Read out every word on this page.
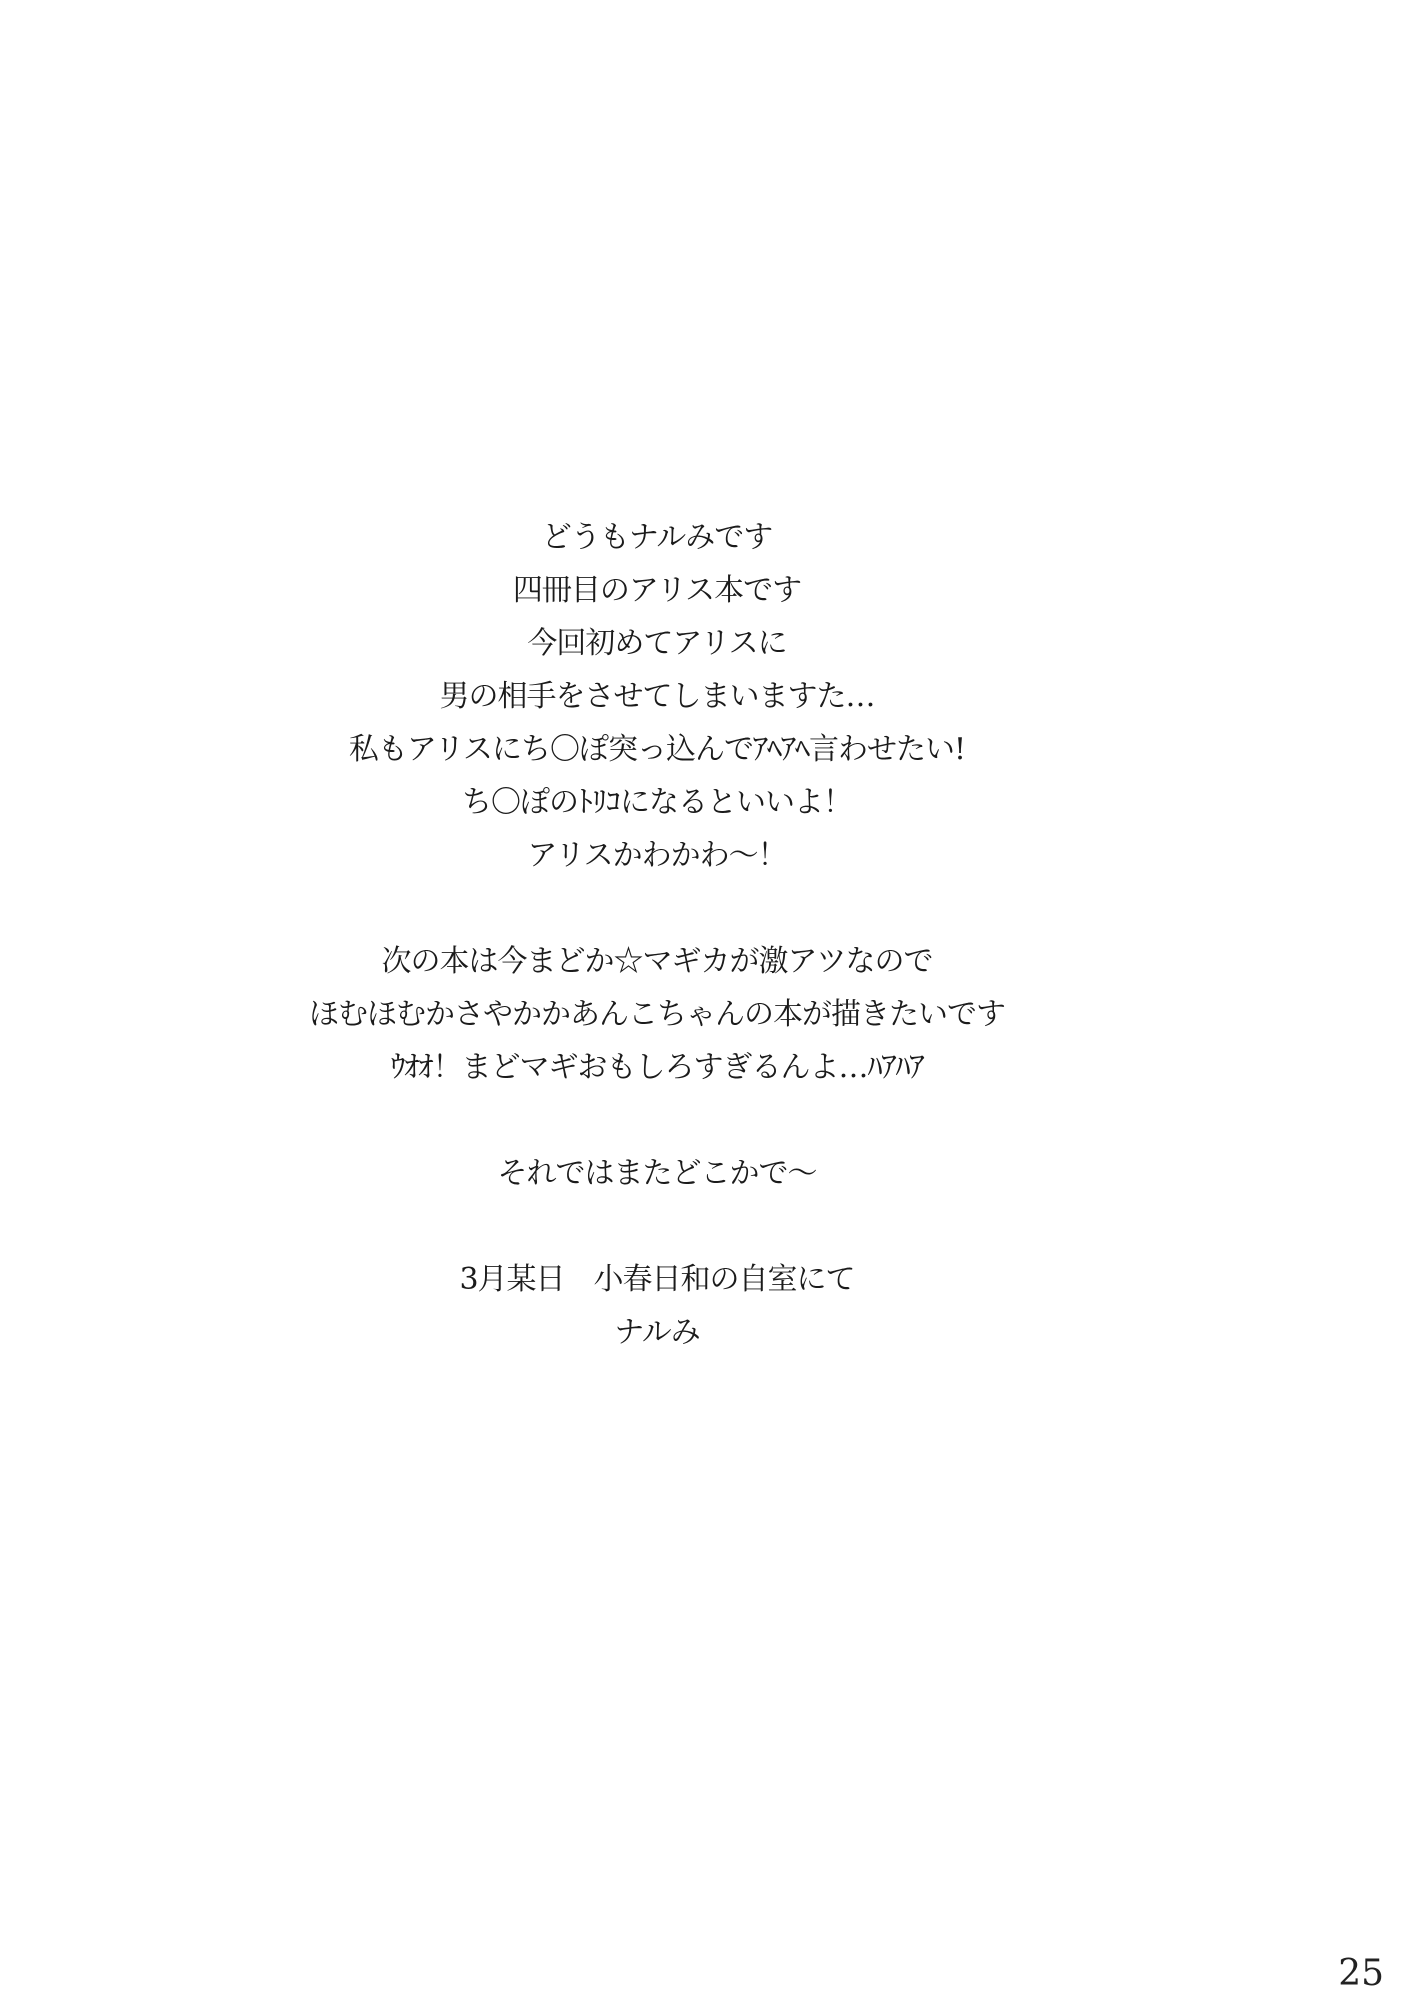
どうもナルみです
四冊目のアリス本です
今回初めてアリスに
男の相手をさせてしまいますた…
私もアリスにち〇ぽ突っ込んでｱﾍｱﾍ言わせたい!
ち〇ぽのﾄﾘｺになるといいよ！
アリスかわかわ～！
次の本は今まどか☆マギカが激アツなので
ほむほむかさやかかあんこちゃんの本が描きたいです
ｳｵｵ！まどマギおもしろすぎるんよ…ﾊｱﾊｱ
それではまたどこかで～
3月某日　小春日和の自室にて
ナルみ
25
